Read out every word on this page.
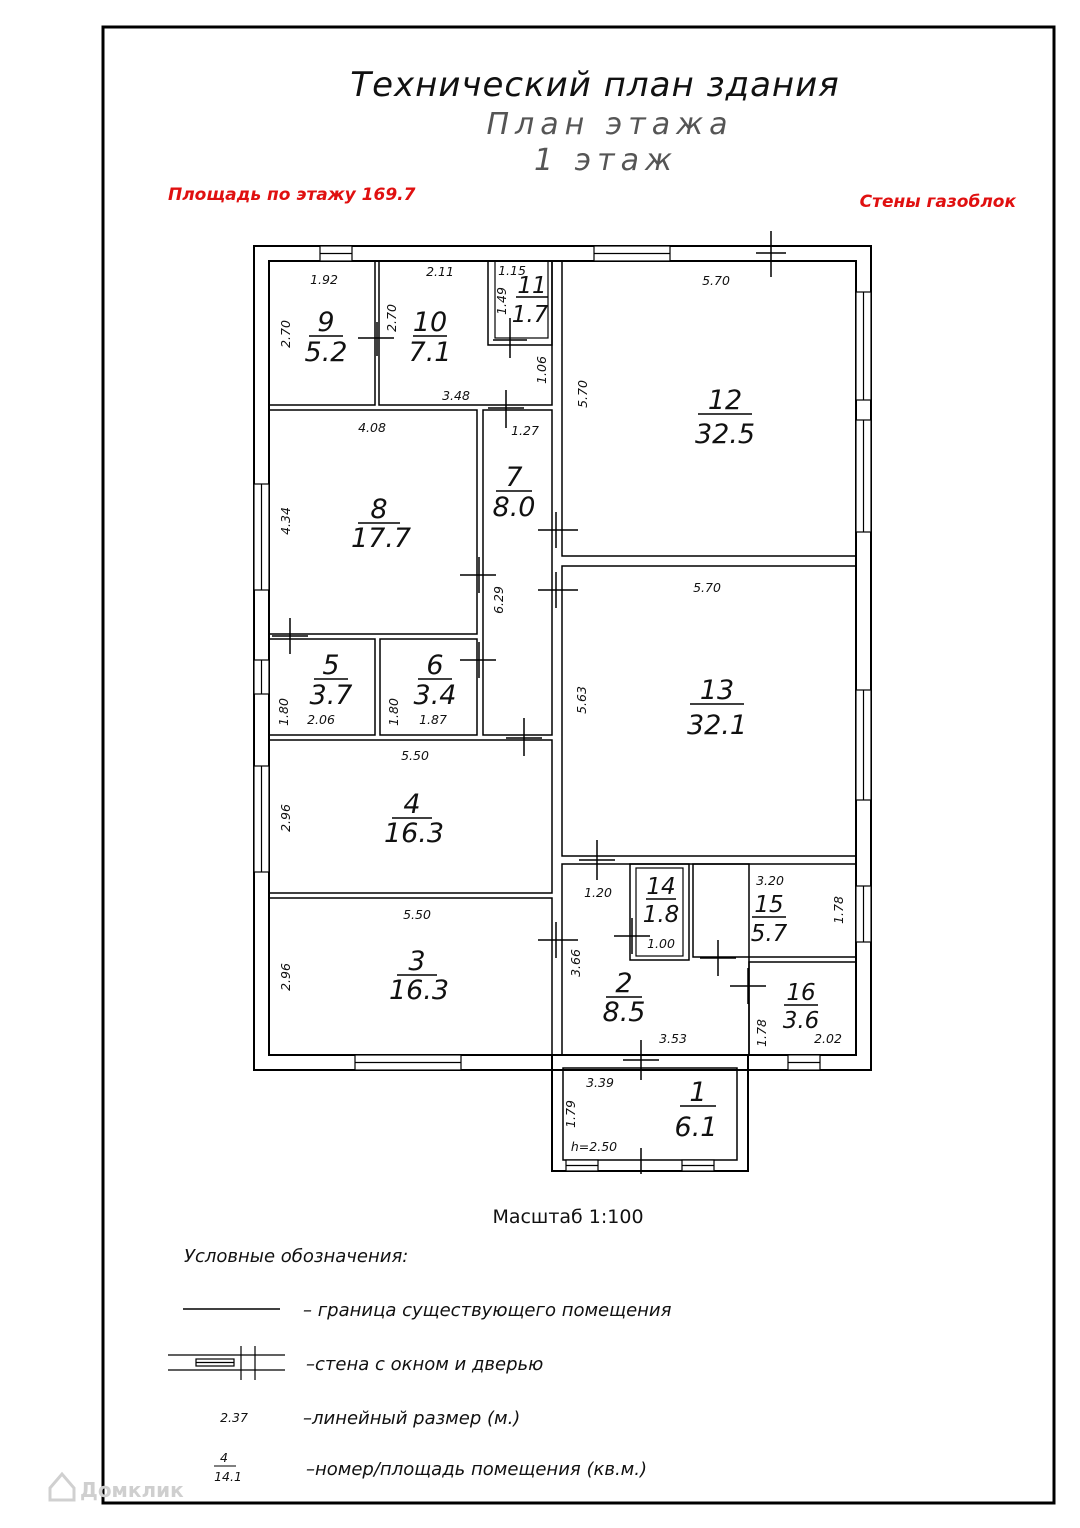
Технический план здания
План этажа
1 этаж
Площадь по этажу 169.7	Стены газоблок
9
5.2
10
7.1
11
1.7
12
32.5
8
17.7
7
8.0
5
3.7
6
3.4	13
32.1
4
16.3
3
16.3
14
1.8	15
5.7
2
8.5
16
3.6
1
6.1
1.92
2.70
2.11
2.70
1.15
1.49
1.06
3.48
5.70
5.70
4.08
4.34
1.27
6.29	5.70
5.63
1.80 2.06	1.80 1.87
5.50
2.96
5.50
2.96
1.20
3.20
1.78
1.00
3.66
3.53	1.78	2.02
3.39
1.79
h=2.50
Масштаб 1:100
Условные обозначения:
– граница существующего помещения
–стена с окном и дверью
2.37	–линейный размер (м.)
4
14.1	–номер/площадь помещения (кв.м.)
Домклик
